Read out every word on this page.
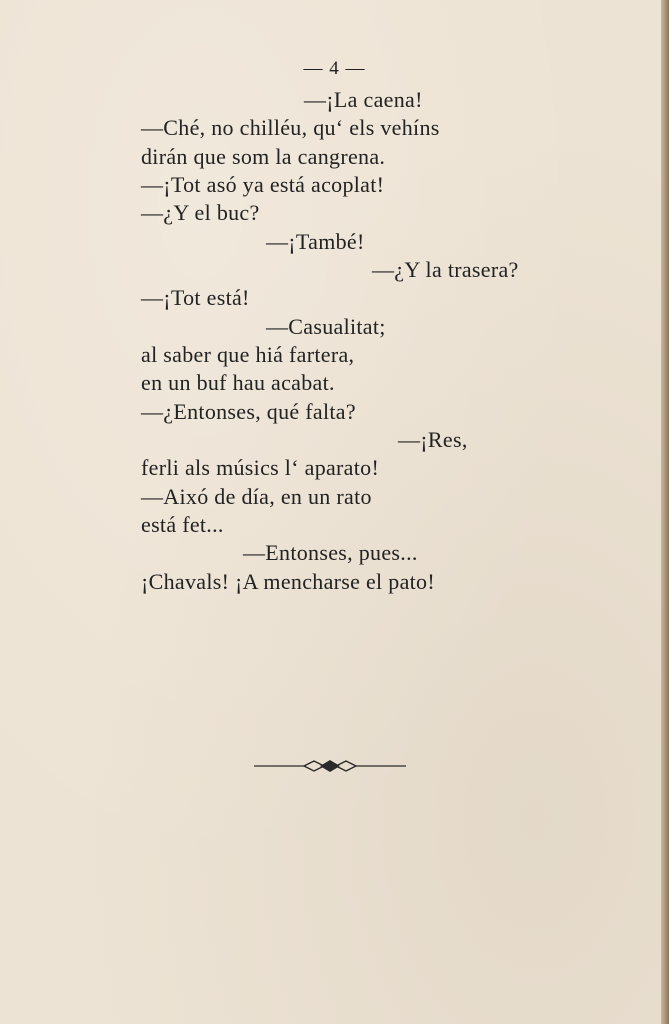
— 4 —
—¡La caena!
—Ché, no chilléu, qu‘ els vehíns
dirán que som la cangrena.
—¡Tot asó ya está acoplat!
—¿Y el buc?
—¡També!
—¿Y la trasera?
—¡Tot está!
—Casualitat;
al saber que hiá fartera,
en un buf hau acabat.
—¿Entonses, qué falta?
—¡Res,
ferli als músics l‘ aparato!
—Aixó de día, en un rato
está fet...
—Entonses, pues...
¡Chavals! ¡A mencharse el pato!
